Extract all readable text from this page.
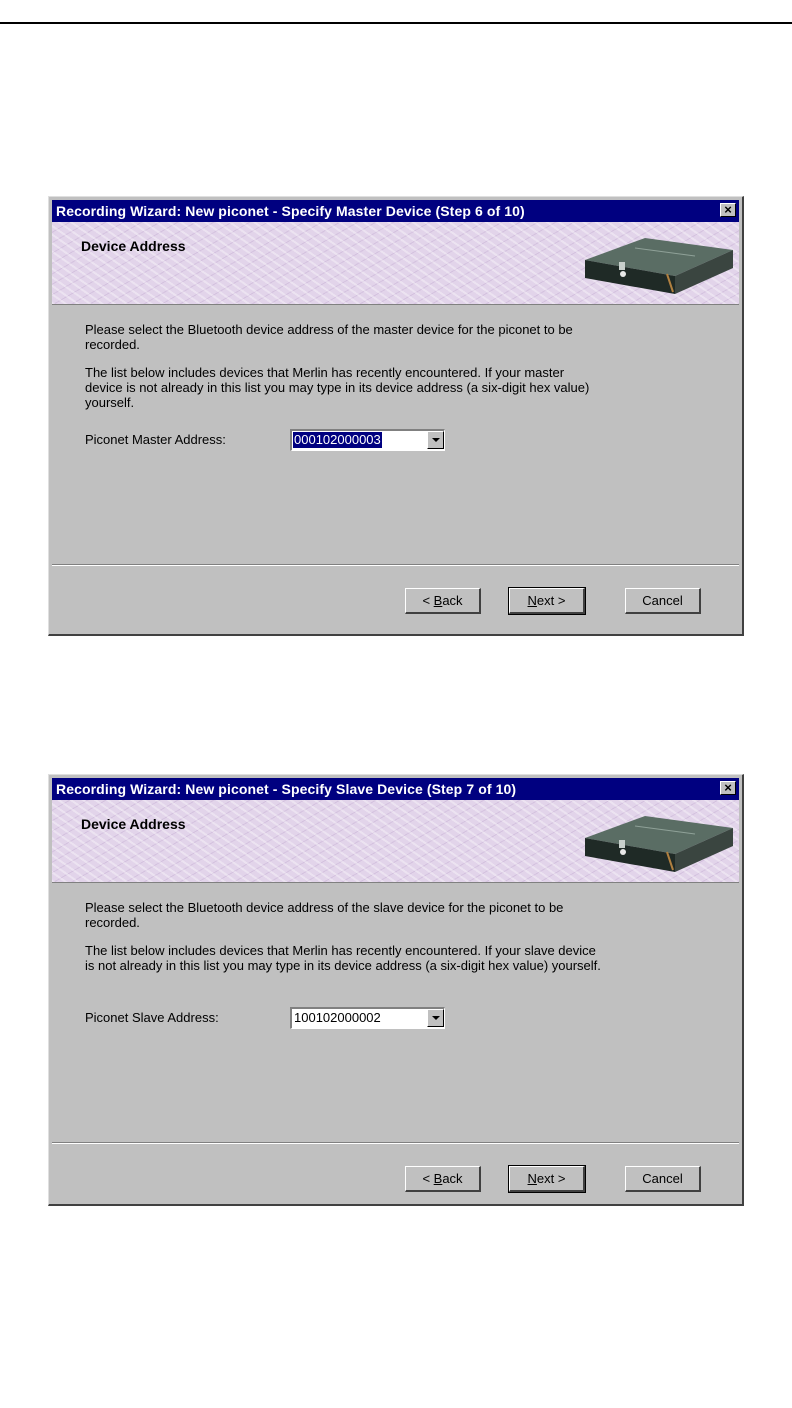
Recording Wizard: New piconet - Specify Master Device (Step 6 of 10)	×
Device Address
Please select the Bluetooth device address of the master device for the piconet to be recorded.
The list below includes devices that Merlin has recently encountered. If your master device is not already in this list you may type in its device address (a six-digit hex value) yourself.
Piconet Master Address:	000102000003
< Back	Next >	Cancel
Recording Wizard: New piconet - Specify Slave Device (Step 7 of 10)	×
Device Address
Please select the Bluetooth device address of the slave device for the piconet to be recorded.
The list below includes devices that Merlin has recently encountered. If your slave device is not already in this list you may type in its device address (a six-digit hex value) yourself.
Piconet Slave Address:	100102000002
< Back	Next >	Cancel
